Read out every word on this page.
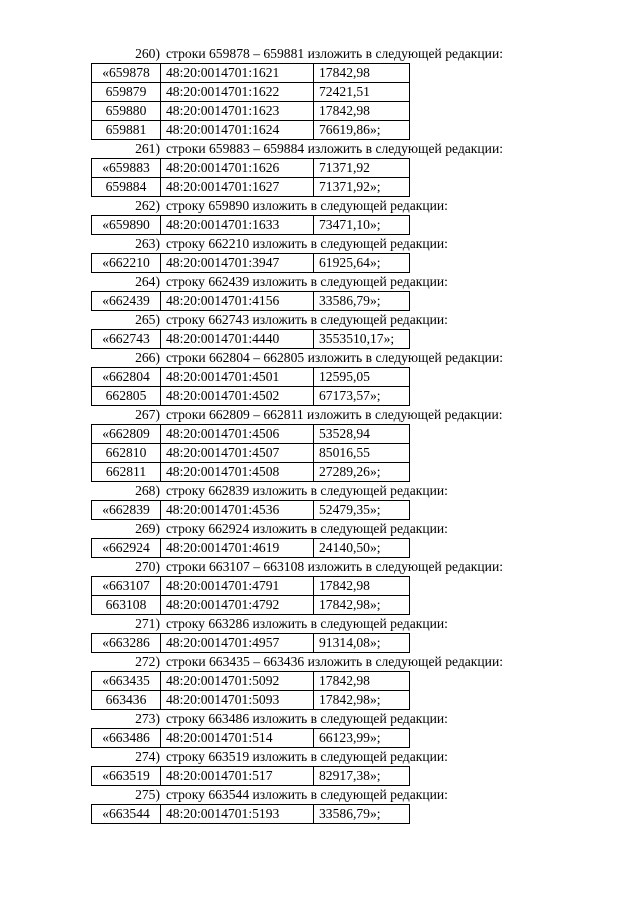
260) строки 659878 – 659881 изложить в следующей редакции:
«659878	48:20:0014701:1621	17842,98
659879	48:20:0014701:1622	72421,51
659880	48:20:0014701:1623	17842,98
659881	48:20:0014701:1624	76619,86»;
261) строки 659883 – 659884 изложить в следующей редакции:
«659883	48:20:0014701:1626	71371,92
659884	48:20:0014701:1627	71371,92»;
262) строку 659890 изложить в следующей редакции:
«659890	48:20:0014701:1633	73471,10»;
263) строку 662210 изложить в следующей редакции:
«662210	48:20:0014701:3947	61925,64»;
264) строку 662439 изложить в следующей редакции:
«662439	48:20:0014701:4156	33586,79»;
265) строку 662743 изложить в следующей редакции:
«662743	48:20:0014701:4440	3553510,17»;
266) строки 662804 – 662805 изложить в следующей редакции:
«662804	48:20:0014701:4501	12595,05
662805	48:20:0014701:4502	67173,57»;
267) строки 662809 – 662811 изложить в следующей редакции:
«662809	48:20:0014701:4506	53528,94
662810	48:20:0014701:4507	85016,55
662811	48:20:0014701:4508	27289,26»;
268) строку 662839 изложить в следующей редакции:
«662839	48:20:0014701:4536	52479,35»;
269) строку 662924 изложить в следующей редакции:
«662924	48:20:0014701:4619	24140,50»;
270) строки 663107 – 663108 изложить в следующей редакции:
«663107	48:20:0014701:4791	17842,98
663108	48:20:0014701:4792	17842,98»;
271) строку 663286 изложить в следующей редакции:
«663286	48:20:0014701:4957	91314,08»;
272) строки 663435 – 663436 изложить в следующей редакции:
«663435	48:20:0014701:5092	17842,98
663436	48:20:0014701:5093	17842,98»;
273) строку 663486 изложить в следующей редакции:
«663486	48:20:0014701:514	66123,99»;
274) строку 663519 изложить в следующей редакции:
«663519	48:20:0014701:517	82917,38»;
275) строку 663544 изложить в следующей редакции:
«663544	48:20:0014701:5193	33586,79»;
